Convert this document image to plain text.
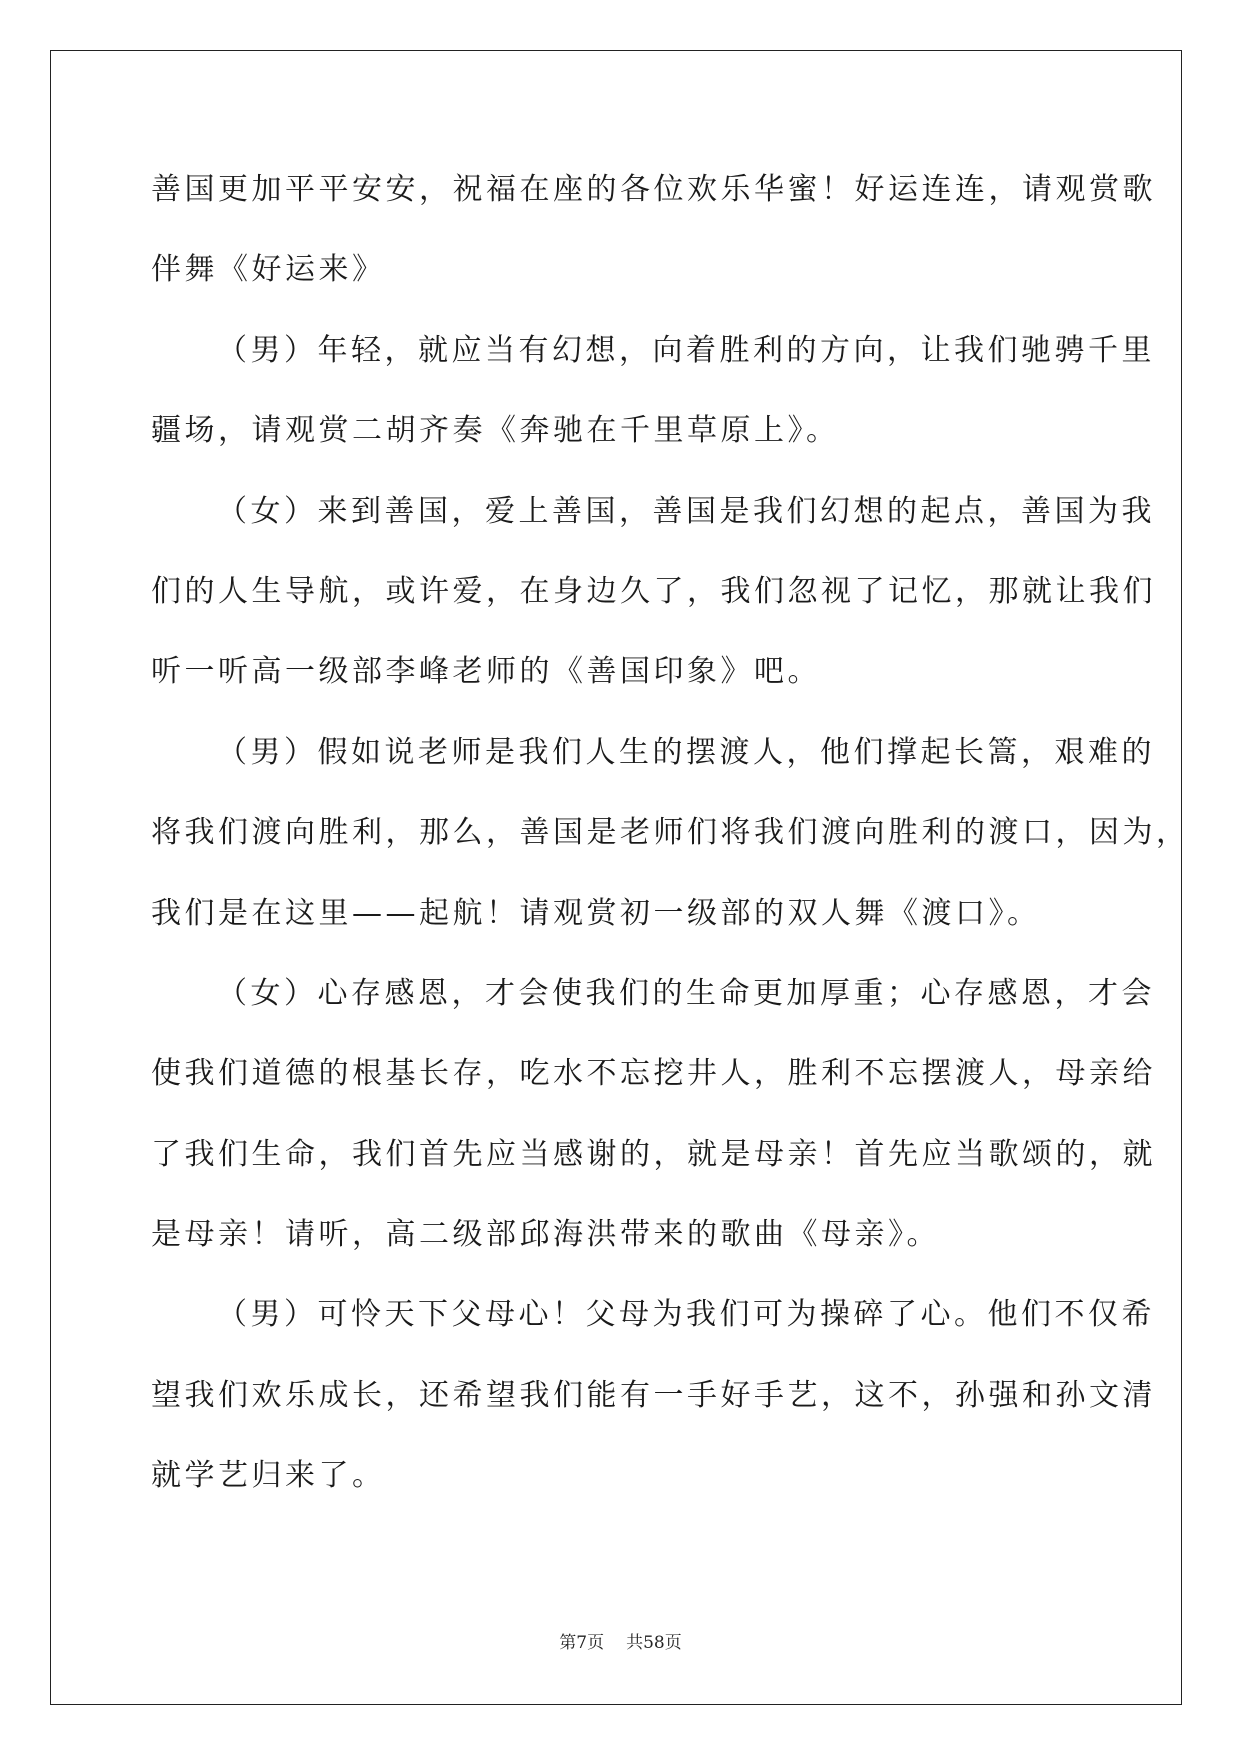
善国更加平平安安，祝福在座的各位欢乐华蜜！好运连连，请观赏歌
伴舞《好运来》
（男）年轻，就应当有幻想，向着胜利的方向，让我们驰骋千里
疆场，请观赏二胡齐奏《奔驰在千里草原上》。
（女）来到善国，爱上善国，善国是我们幻想的起点，善国为我
们的人生导航，或许爱，在身边久了，我们忽视了记忆，那就让我们
听一听高一级部李峰老师的《善国印象》吧。
（男）假如说老师是我们人生的摆渡人，他们撑起长篙，艰难的
将我们渡向胜利，那么，善国是老师们将我们渡向胜利的渡口，因为，
我们是在这里——起航！请观赏初一级部的双人舞《渡口》。
（女）心存感恩，才会使我们的生命更加厚重；心存感恩，才会
使我们道德的根基长存，吃水不忘挖井人，胜利不忘摆渡人，母亲给
了我们生命，我们首先应当感谢的，就是母亲！首先应当歌颂的，就
是母亲！请听，高二级部邱海洪带来的歌曲《母亲》。
（男）可怜天下父母心！父母为我们可为操碎了心。他们不仅希
望我们欢乐成长，还希望我们能有一手好手艺，这不，孙强和孙文清
就学艺归来了。
第7页 共58页
